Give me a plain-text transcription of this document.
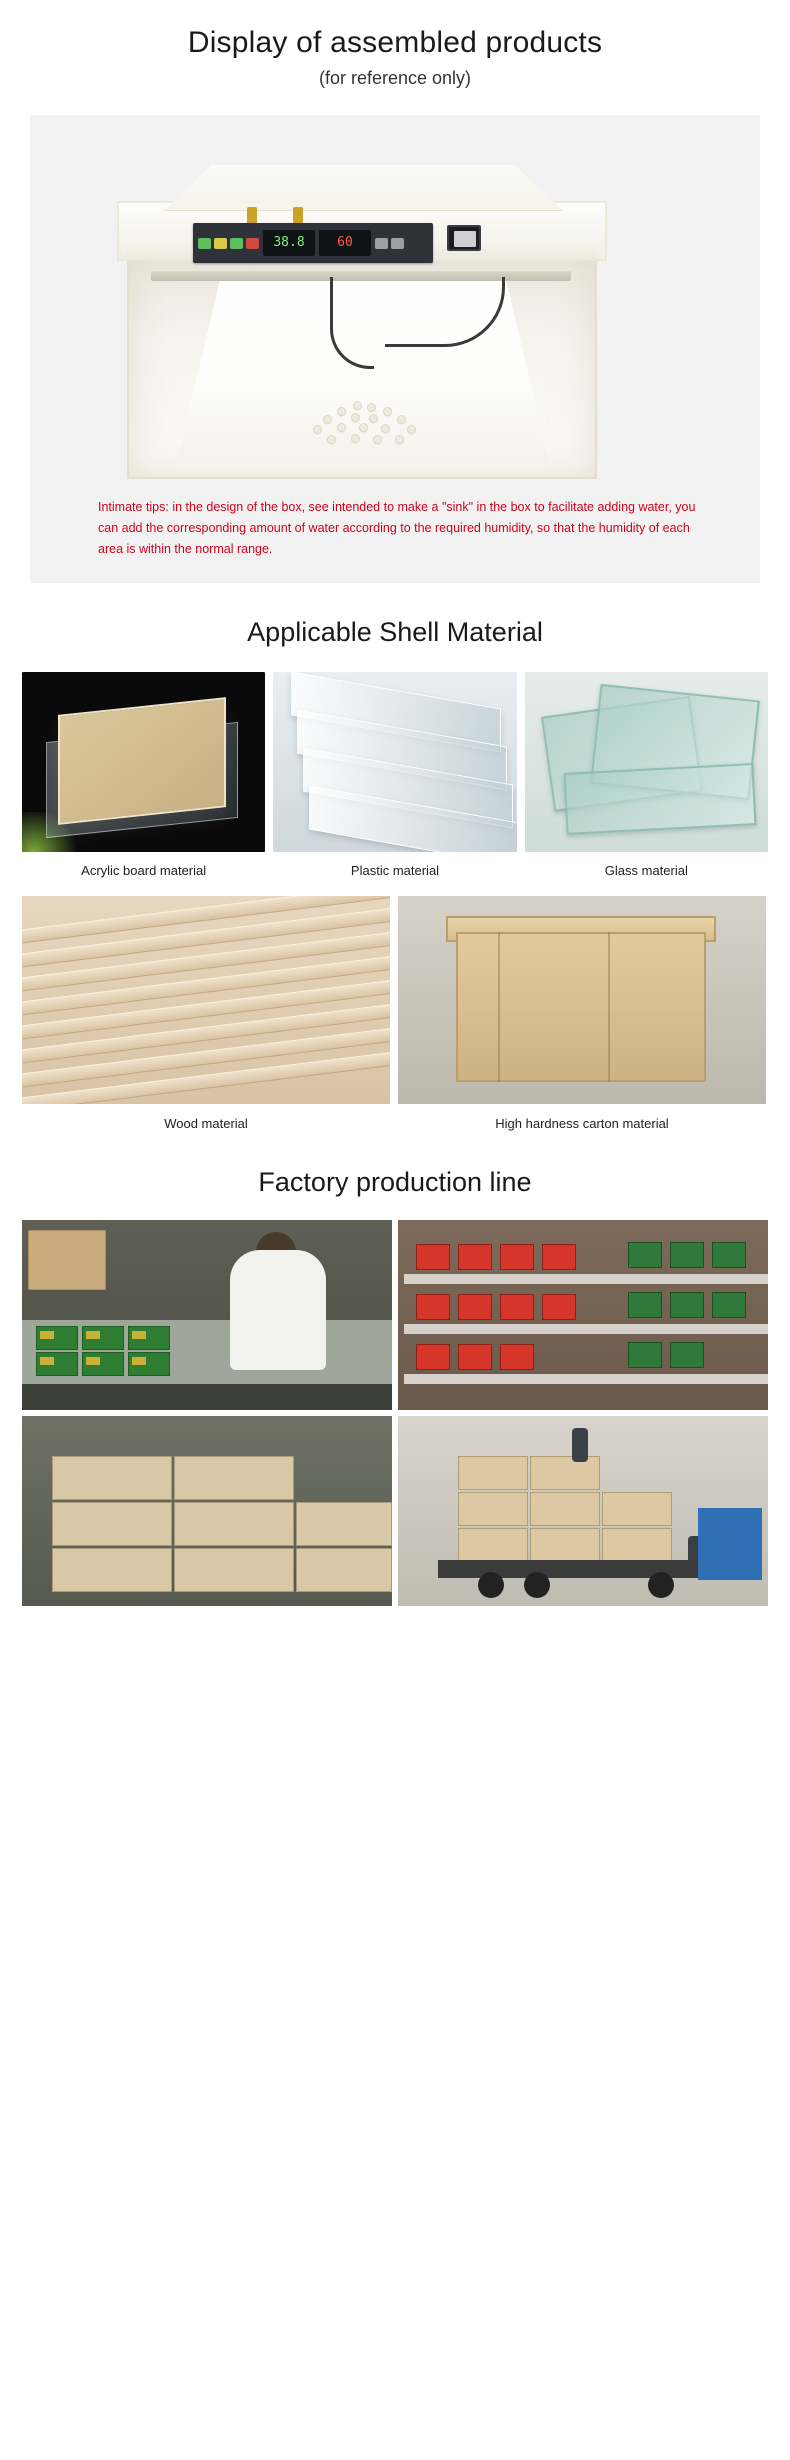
Display of assembled products
(for reference only)
38.8	60
Intimate tips: in the design of the box, see intended to make a "sink" in the box to facilitate adding water, you can add the corresponding amount of water according to the required humidity, so that the humidity of each area is within the normal range.
Applicable Shell Material
Acrylic board material	Plastic material	Glass material
Wood material	High hardness carton material
Factory production line
